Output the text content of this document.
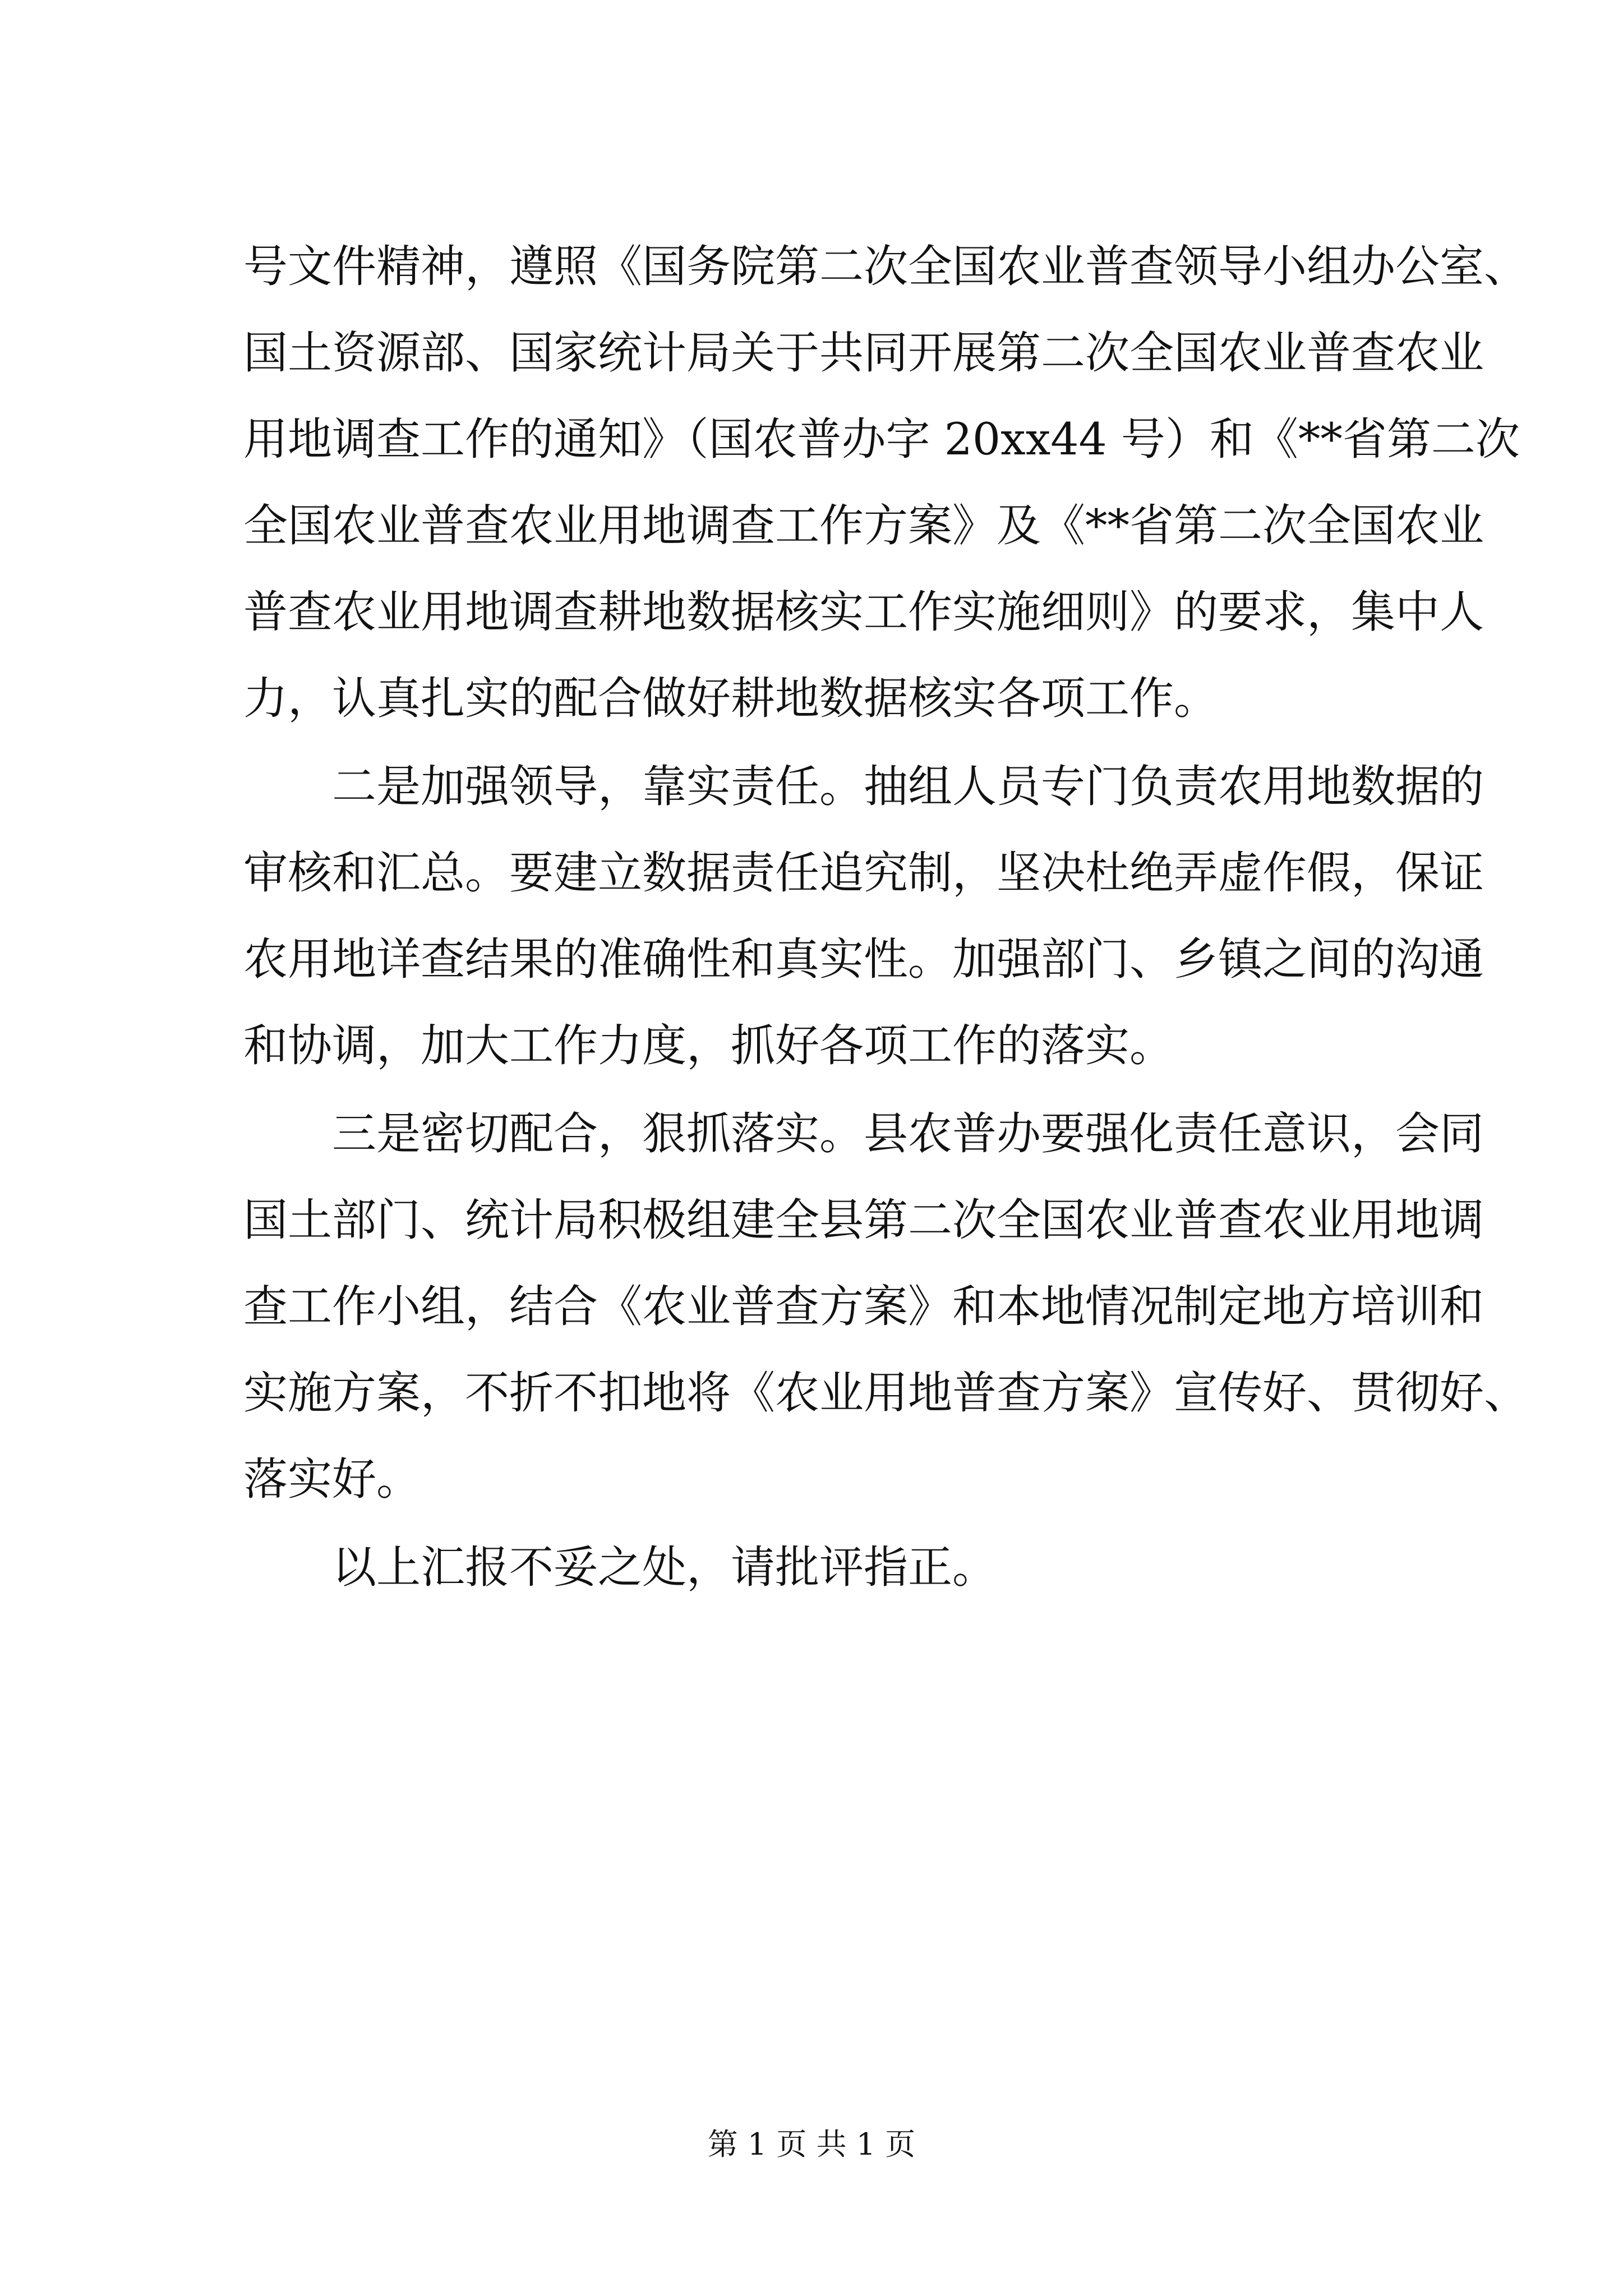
号文件精神，遵照《国务院第二次全国农业普查领导小组办公室、
国土资源部、国家统计局关于共同开展第二次全国农业普查农业
用地调查工作的通知》（国农普办字 20xx44 号）和《**省第二次
全国农业普查农业用地调查工作方案》及《**省第二次全国农业
普查农业用地调查耕地数据核实工作实施细则》的要求，集中人
力，认真扎实的配合做好耕地数据核实各项工作。
二是加强领导，靠实责任。抽组人员专门负责农用地数据的
审核和汇总。要建立数据责任追究制，坚决杜绝弄虚作假，保证
农用地详查结果的准确性和真实性。加强部门、乡镇之间的沟通
和协调，加大工作力度，抓好各项工作的落实。
三是密切配合，狠抓落实。县农普办要强化责任意识，会同
国土部门、统计局积极组建全县第二次全国农业普查农业用地调
查工作小组，结合《农业普查方案》和本地情况制定地方培训和
实施方案，不折不扣地将《农业用地普查方案》宣传好、贯彻好、
落实好。
以上汇报不妥之处，请批评指正。
第 1 页 共 1 页
